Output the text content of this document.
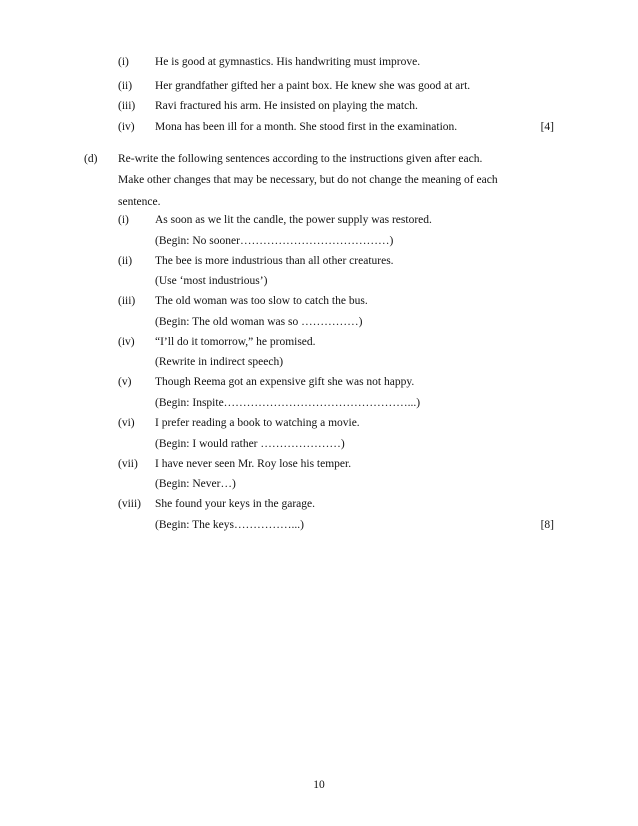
(i) He is good at gymnastics. His handwriting must improve.
(ii) Her grandfather gifted her a paint box. He knew she was good at art.
(iii) Ravi fractured his arm. He insisted on playing the match.
(iv) Mona has been ill for a month. She stood first in the examination.	[4]
(d) Re-write the following sentences according to the instructions given after each.
Make other changes that may be necessary, but do not change the meaning of each
sentence.
(i) As soon as we lit the candle, the power supply was restored.
(Begin: No sooner…………………………………)
(ii) The bee is more industrious than all other creatures.
(Use ‘most industrious’)
(iii) The old woman was too slow to catch the bus.
(Begin: The old woman was so ……………)
(iv) “I’ll do it tomorrow,” he promised.
(Rewrite in indirect speech)
(v) Though Reema got an expensive gift she was not happy.
(Begin: Inspite…………………………………………...)
(vi) I prefer reading a book to watching a movie.
(Begin: I would rather …………………)
(vii) I have never seen Mr. Roy lose his temper.
(Begin: Never…)
(viii) She found your keys in the garage.
(Begin: The keys……………...)	[8]
10
